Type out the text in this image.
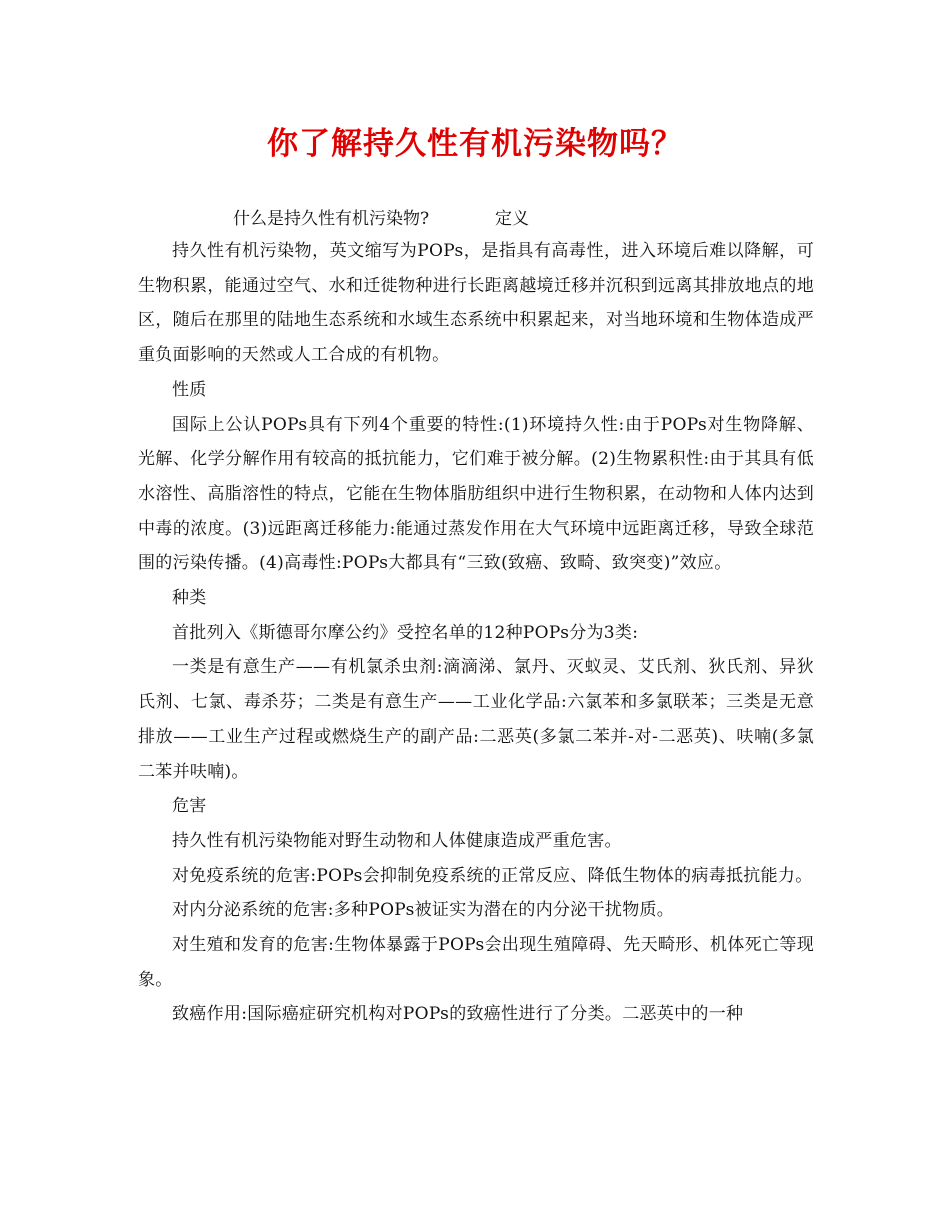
你了解持久性有机污染物吗？
什么是持久性有机污染物?	定义

持久性有机污染物，英文缩写为POPs，是指具有高毒性，进入环境后难以降解，可生物积累，能通过空气、水和迁徙物种进行长距离越境迁移并沉积到远离其排放地点的地区，随后在那里的陆地生态系统和水域生态系统中积累起来，对当地环境和生物体造成严重负面影响的天然或人工合成的有机物。

性质

国际上公认POPs具有下列4个重要的特性:(1)环境持久性:由于POPs对生物降解、光解、化学分解作用有较高的抵抗能力，它们难于被分解。(2)生物累积性:由于其具有低水溶性、高脂溶性的特点，它能在生物体脂肪组织中进行生物积累，在动物和人体内达到中毒的浓度。(3)远距离迁移能力:能通过蒸发作用在大气环境中远距离迁移，导致全球范围的污染传播。(4)高毒性:POPs大都具有“三致(致癌、致畸、致突变)”效应。

种类

首批列入《斯德哥尔摩公约》受控名单的12种POPs分为3类:

一类是有意生产——有机氯杀虫剂:滴滴涕、氯丹、灭蚁灵、艾氏剂、狄氏剂、异狄氏剂、七氯、毒杀芬；二类是有意生产——工业化学品:六氯苯和多氯联苯；三类是无意排放——工业生产过程或燃烧生产的副产品:二恶英(多氯二苯并-对-二恶英)、呋喃(多氯二苯并呋喃)。

危害

持久性有机污染物能对野生动物和人体健康造成严重危害。

对免疫系统的危害:POPs会抑制免疫系统的正常反应、降低生物体的病毒抵抗能力。

对内分泌系统的危害:多种POPs被证实为潜在的内分泌干扰物质。

对生殖和发育的危害:生物体暴露于POPs会出现生殖障碍、先天畸形、机体死亡等现象。

致癌作用:国际癌症研究机构对POPs的致癌性进行了分类。二恶英中的一种
